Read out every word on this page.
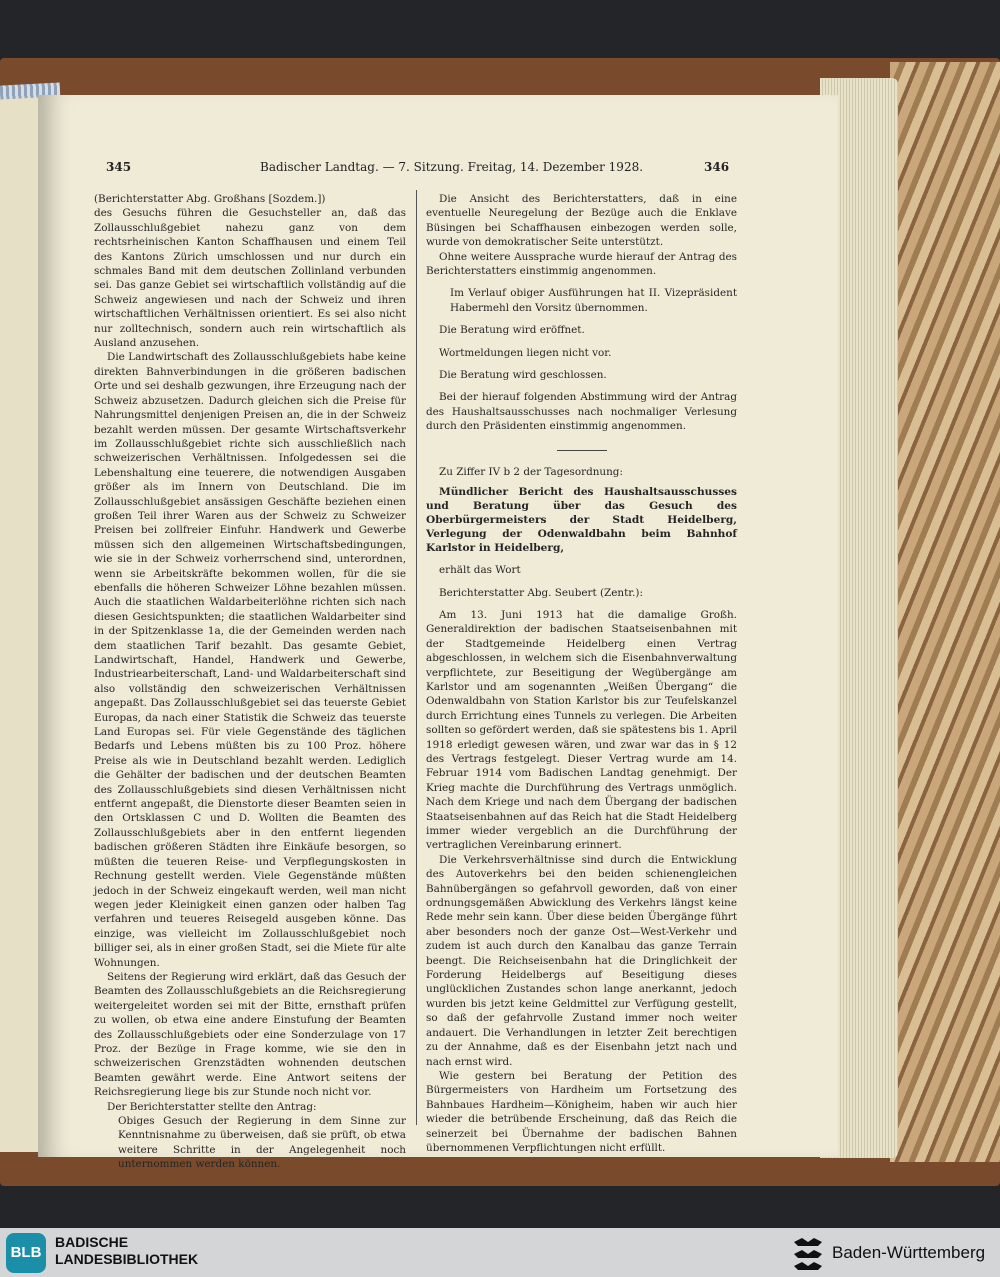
345	Badischer Landtag. — 7. Sitzung. Freitag, 14. Dezember 1928.	346

(Berichterstatter Abg. Großhans [Sozdem.])

des Gesuchs führen die Gesuchsteller an, daß das Zollausschlußgebiet nahezu ganz von dem rechtsrheinischen Kanton Schaffhausen und einem Teil des Kantons Zürich umschlossen und nur durch ein schmales Band mit dem deutschen Zollinland verbunden sei. Das ganze Gebiet sei wirtschaftlich vollständig auf die Schweiz angewiesen und nach der Schweiz und ihren wirtschaftlichen Verhältnissen orientiert. Es sei also nicht nur zolltechnisch, sondern auch rein wirtschaftlich als Ausland anzusehen.

Die Landwirtschaft des Zollausschlußgebiets habe keine direkten Bahnverbindungen in die größeren badischen Orte und sei deshalb gezwungen, ihre Erzeugung nach der Schweiz abzusetzen. Dadurch gleichen sich die Preise für Nahrungsmittel denjenigen Preisen an, die in der Schweiz bezahlt werden müssen. Der gesamte Wirtschaftsverkehr im Zollausschlußgebiet richte sich ausschließlich nach schweizerischen Verhältnissen. Infolgedessen sei die Lebenshaltung eine teuerere, die notwendigen Ausgaben größer als im Innern von Deutschland. Die im Zollausschlußgebiet ansässigen Geschäfte beziehen einen großen Teil ihrer Waren aus der Schweiz zu Schweizer Preisen bei zollfreier Einfuhr. Handwerk und Gewerbe müssen sich den allgemeinen Wirtschaftsbedingungen, wie sie in der Schweiz vorherrschend sind, unterordnen, wenn sie Arbeitskräfte bekommen wollen, für die sie ebenfalls die höheren Schweizer Löhne bezahlen müssen. Auch die staatlichen Waldarbeiterlöhne richten sich nach diesen Gesichtspunkten; die staatlichen Waldarbeiter sind in der Spitzenklasse 1a, die der Gemeinden werden nach dem staatlichen Tarif bezahlt. Das gesamte Gebiet, Landwirtschaft, Handel, Handwerk und Gewerbe, Industriearbeiterschaft, Land- und Waldarbeiterschaft sind also vollständig den schweizerischen Verhältnissen angepaßt. Das Zollausschlußgebiet sei das teuerste Gebiet Europas, da nach einer Statistik die Schweiz das teuerste Land Europas sei. Für viele Gegenstände des täglichen Bedarfs und Lebens müßten bis zu 100 Proz. höhere Preise als wie in Deutschland bezahlt werden. Lediglich die Gehälter der badischen und der deutschen Beamten des Zollausschlußgebiets sind diesen Verhältnissen nicht entfernt angepaßt, die Dienstorte dieser Beamten seien in den Ortsklassen C und D. Wollten die Beamten des Zollausschlußgebiets aber in den entfernt liegenden badischen größeren Städten ihre Einkäufe besorgen, so müßten die teueren Reise- und Verpflegungskosten in Rechnung gestellt werden. Viele Gegenstände müßten jedoch in der Schweiz eingekauft werden, weil man nicht wegen jeder Kleinigkeit einen ganzen oder halben Tag verfahren und teueres Reisegeld ausgeben könne. Das einzige, was vielleicht im Zollausschlußgebiet noch billiger sei, als in einer großen Stadt, sei die Miete für alte Wohnungen.

Seitens der Regierung wird erklärt, daß das Gesuch der Beamten des Zollausschlußgebiets an die Reichsregierung weitergeleitet worden sei mit der Bitte, ernsthaft prüfen zu wollen, ob etwa eine andere Einstufung der Beamten des Zollausschlußgebiets oder eine Sonderzulage von 17 Proz. der Bezüge in Frage komme, wie sie den in schweizerischen Grenzstädten wohnenden deutschen Beamten gewährt werde. Eine Antwort seitens der Reichsregierung liege bis zur Stunde noch nicht vor.

Der Berichterstatter stellte den Antrag:

Obiges Gesuch der Regierung in dem Sinne zur Kenntnisnahme zu überweisen, daß sie prüft, ob etwa weitere Schritte in der Angelegenheit noch unternommen werden können.

Die Ansicht des Berichterstatters, daß in eine eventuelle Neuregelung der Bezüge auch die Enklave Büsingen bei Schaffhausen einbezogen werden solle, wurde von demokratischer Seite unterstützt.

Ohne weitere Aussprache wurde hierauf der Antrag des Berichterstatters einstimmig angenommen.

Im Verlauf obiger Ausführungen hat II. Vizepräsident Habermehl den Vorsitz übernommen.

Die Beratung wird eröffnet.

Wortmeldungen liegen nicht vor.

Die Beratung wird geschlossen.

Bei der hierauf folgenden Abstimmung wird der Antrag des Haushaltsausschusses nach nochmaliger Verlesung durch den Präsidenten einstimmig angenommen.

Zu Ziffer IV b 2 der Tagesordnung:

Mündlicher Bericht des Haushaltsausschusses und Beratung über das Gesuch des Oberbürgermeisters der Stadt Heidelberg, Verlegung der Odenwaldbahn beim Bahnhof Karlstor in Heidelberg,

erhält das Wort

Berichterstatter Abg. Seubert (Zentr.):

Am 13. Juni 1913 hat die damalige Großh. Generaldirektion der badischen Staatseisenbahnen mit der Stadtgemeinde Heidelberg einen Vertrag abgeschlossen, in welchem sich die Eisenbahnverwaltung verpflichtete, zur Beseitigung der Wegübergänge am Karlstor und am sogenannten „Weißen Übergang“ die Odenwaldbahn von Station Karlstor bis zur Teufelskanzel durch Errichtung eines Tunnels zu verlegen. Die Arbeiten sollten so gefördert werden, daß sie spätestens bis 1. April 1918 erledigt gewesen wären, und zwar war das in § 12 des Vertrags festgelegt. Dieser Vertrag wurde am 14. Februar 1914 vom Badischen Landtag genehmigt. Der Krieg machte die Durchführung des Vertrags unmöglich. Nach dem Kriege und nach dem Übergang der badischen Staatseisenbahnen auf das Reich hat die Stadt Heidelberg immer wieder vergeblich an die Durchführung der vertraglichen Vereinbarung erinnert.

Die Verkehrsverhältnisse sind durch die Entwicklung des Autoverkehrs bei den beiden schienengleichen Bahnübergängen so gefahrvoll geworden, daß von einer ordnungsgemäßen Abwicklung des Verkehrs längst keine Rede mehr sein kann. Über diese beiden Übergänge führt aber besonders noch der ganze Ost—West-Verkehr und zudem ist auch durch den Kanalbau das ganze Terrain beengt. Die Reichseisenbahn hat die Dringlichkeit der Forderung Heidelbergs auf Beseitigung dieses unglücklichen Zustandes schon lange anerkannt, jedoch wurden bis jetzt keine Geldmittel zur Verfügung gestellt, so daß der gefahrvolle Zustand immer noch weiter andauert. Die Verhandlungen in letzter Zeit berechtigen zu der Annahme, daß es der Eisenbahn jetzt nach und nach ernst wird.

Wie gestern bei Beratung der Petition des Bürgermeisters von Hardheim um Fortsetzung des Bahnbaues Hardheim—Königheim, haben wir auch hier wieder die betrübende Erscheinung, daß das Reich die seinerzeit bei Übernahme der badischen Bahnen übernommenen Verpflichtungen nicht erfüllt.

BLB
BADISCHE
LANDESBIBLIOTHEK	Baden-Württemberg
